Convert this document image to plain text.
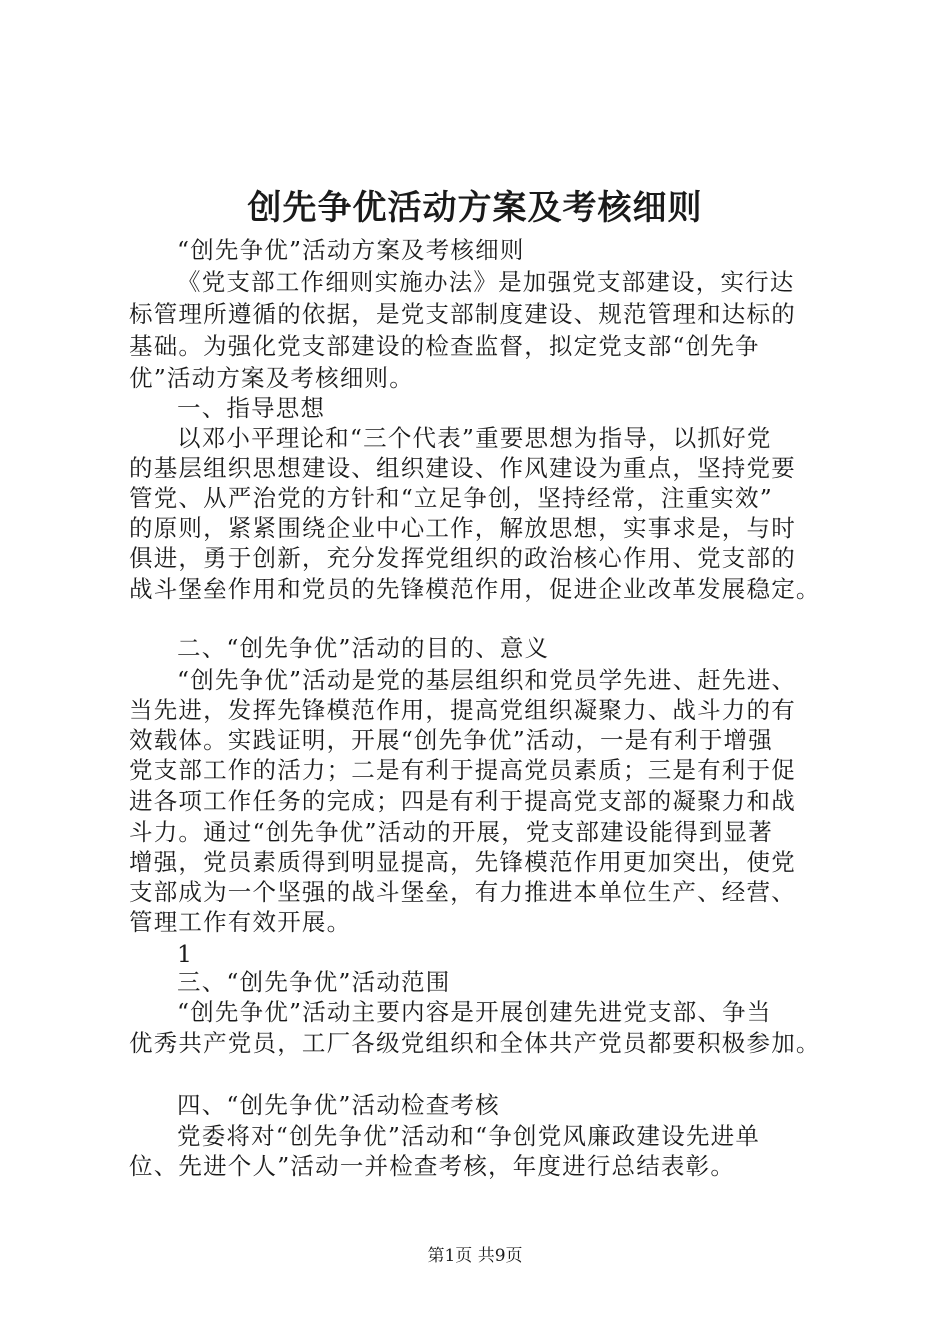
创先争优活动方案及考核细则
“创先争优”活动方案及考核细则
《党支部工作细则实施办法》是加强党支部建设，实行达
标管理所遵循的依据，是党支部制度建设、规范管理和达标的
基础。为强化党支部建设的检查监督，拟定党支部“创先争
优”活动方案及考核细则。
一、指导思想
以邓小平理论和“三个代表”重要思想为指导，以抓好党
的基层组织思想建设、组织建设、作风建设为重点，坚持党要
管党、从严治党的方针和“立足争创，坚持经常，注重实效”
的原则，紧紧围绕企业中心工作，解放思想，实事求是，与时
俱进，勇于创新，充分发挥党组织的政治核心作用、党支部的
战斗堡垒作用和党员的先锋模范作用，促进企业改革发展稳定。
二、“创先争优”活动的目的、意义
“创先争优”活动是党的基层组织和党员学先进、赶先进、
当先进，发挥先锋模范作用，提高党组织凝聚力、战斗力的有
效载体。实践证明，开展“创先争优”活动，一是有利于增强
党支部工作的活力；二是有利于提高党员素质；三是有利于促
进各项工作任务的完成；四是有利于提高党支部的凝聚力和战
斗力。通过“创先争优”活动的开展，党支部建设能得到显著
增强，党员素质得到明显提高，先锋模范作用更加突出，使党
支部成为一个坚强的战斗堡垒，有力推进本单位生产、经营、
管理工作有效开展。
1
三、“创先争优”活动范围
“创先争优”活动主要内容是开展创建先进党支部、争当
优秀共产党员，工厂各级党组织和全体共产党员都要积极参加。
四、“创先争优”活动检查考核
党委将对“创先争优”活动和“争创党风廉政建设先进单
位、先进个人”活动一并检查考核，年度进行总结表彰。
第1页 共9页
